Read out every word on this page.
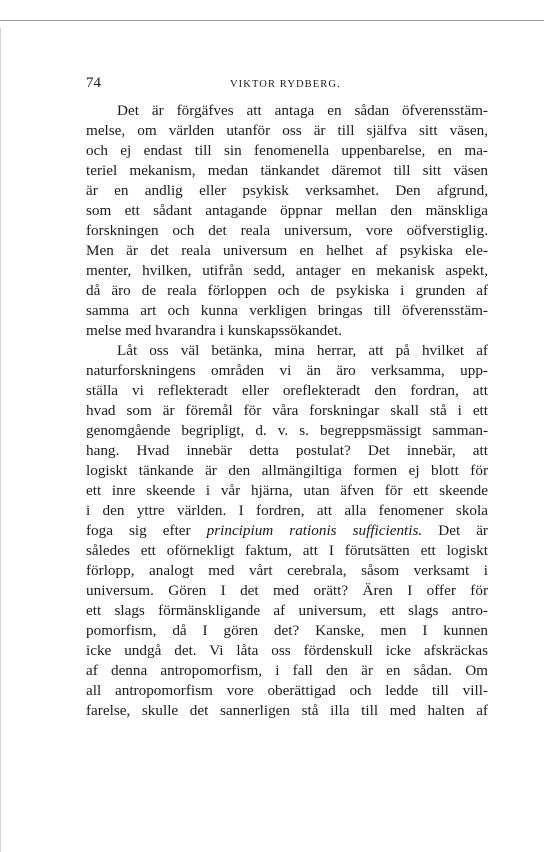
74	VIKTOR RYDBERG.
Det är förgäfves att antaga en sådan öfverensstäm-
melse, om världen utanför oss är till själfva sitt väsen,
och ej endast till sin fenomenella uppenbarelse, en ma-
teriel mekanism, medan tänkandet däremot till sitt väsen
är en andlig eller psykisk verksamhet. Den afgrund,
som ett sådant antagande öppnar mellan den mänskliga
forskningen och det reala universum, vore oöfverstiglig.
Men är det reala universum en helhet af psykiska ele-
menter, hvilken, utifrån sedd, antager en mekanisk aspekt,
då äro de reala förloppen och de psykiska i grunden af
samma art och kunna verkligen bringas till öfverensstäm-
melse med hvarandra i kunskapssökandet.
Låt oss väl betänka, mina herrar, att på hvilket af
naturforskningens områden vi än äro verksamma, upp-
ställa vi reflekteradt eller oreflekteradt den fordran, att
hvad som är föremål för våra forskningar skall stå i ett
genomgående begripligt, d. v. s. begreppsmässigt samman-
hang. Hvad innebär detta postulat? Det innebär, att
logiskt tänkande är den allmängiltiga formen ej blott för
ett inre skeende i vår hjärna, utan äfven för ett skeende
i den yttre världen. I fordren, att alla fenomener skola
foga sig efter principium rationis sufficientis. Det är
således ett oförnekligt faktum, att I förutsätten ett logiskt
förlopp, analogt med vårt cerebrala, såsom verksamt i
universum. Gören I det med orätt? Ären I offer för
ett slags förmänskligande af universum, ett slags antro-
pomorfism, då I gören det? Kanske, men I kunnen
icke undgå det. Vi låta oss fördenskull icke afskräckas
af denna antropomorfism, i fall den är en sådan. Om
all antropomorfism vore oberättigad och ledde till vill-
farelse, skulle det sannerligen stå illa till med halten af
